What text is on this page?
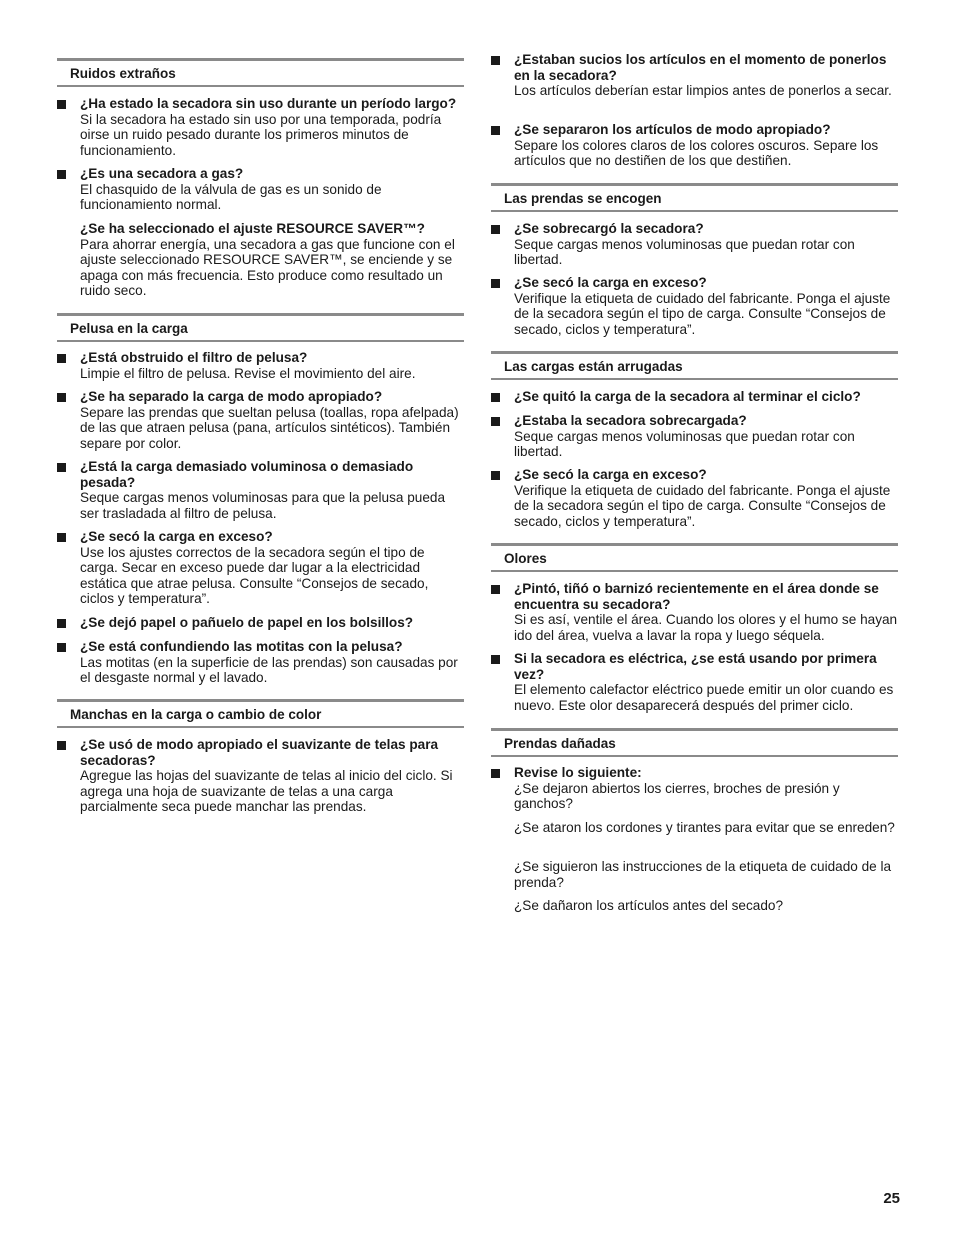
Ruidos extraños
¿Ha estado la secadora sin uso durante un período largo?
Si la secadora ha estado sin uso por una temporada, podría oirse un ruido pesado durante los primeros minutos de funcionamiento.
¿Es una secadora a gas?
El chasquido de la válvula de gas es un sonido de funcionamiento normal.
¿Se ha seleccionado el ajuste RESOURCE SAVER™?
Para ahorrar energía, una secadora a gas que funcione con el ajuste seleccionado RESOURCE SAVER™, se enciende y se apaga con más frecuencia. Esto produce como resultado un ruido seco.
Pelusa en la carga
¿Está obstruido el filtro de pelusa?
Limpie el filtro de pelusa. Revise el movimiento del aire.
¿Se ha separado la carga de modo apropiado?
Separe las prendas que sueltan pelusa (toallas, ropa afelpada) de las que atraen pelusa (pana, artículos sintéticos). También separe por color.
¿Está la carga demasiado voluminosa o demasiado pesada?
Seque cargas menos voluminosas para que la pelusa pueda ser trasladada al filtro de pelusa.
¿Se secó la carga en exceso?
Use los ajustes correctos de la secadora según el tipo de carga. Secar en exceso puede dar lugar a la electricidad estática que atrae pelusa. Consulte “Consejos de secado, ciclos y temperatura”.
¿Se dejó papel o pañuelo de papel en los bolsillos?
¿Se está confundiendo las motitas con la pelusa?
Las motitas (en la superficie de las prendas) son causadas por el desgaste normal y el lavado.
Manchas en la carga o cambio de color
¿Se usó de modo apropiado el suavizante de telas para secadoras?
Agregue las hojas del suavizante de telas al inicio del ciclo. Si agrega una hoja de suavizante de telas a una carga parcialmente seca puede manchar las prendas.
¿Estaban sucios los artículos en el momento de ponerlos en la secadora?
Los artículos deberían estar limpios antes de ponerlos a secar.
¿Se separaron los artículos de modo apropiado?
Separe los colores claros de los colores oscuros. Separe los artículos que no destiñen de los que destiñen.
Las prendas se encogen
¿Se sobrecargó la secadora?
Seque cargas menos voluminosas que puedan rotar con libertad.
¿Se secó la carga en exceso?
Verifique la etiqueta de cuidado del fabricante. Ponga el ajuste de la secadora según el tipo de carga. Consulte “Consejos de secado, ciclos y temperatura”.
Las cargas están arrugadas
¿Se quitó la carga de la secadora al terminar el ciclo?
¿Estaba la secadora sobrecargada?
Seque cargas menos voluminosas que puedan rotar con libertad.
¿Se secó la carga en exceso?
Verifique la etiqueta de cuidado del fabricante. Ponga el ajuste de la secadora según el tipo de carga. Consulte “Consejos de secado, ciclos y temperatura”.
Olores
¿Pintó, tiñó o barnizó recientemente en el área donde se encuentra su secadora?
Si es así, ventile el área. Cuando los olores y el humo se hayan ido del área, vuelva a lavar la ropa y luego séquela.
Si la secadora es eléctrica, ¿se está usando por primera vez?
El elemento calefactor eléctrico puede emitir un olor cuando es nuevo. Este olor desaparecerá después del primer ciclo.
Prendas dañadas
Revise lo siguiente:
¿Se dejaron abiertos los cierres, broches de presión y ganchos?
¿Se ataron los cordones y tirantes para evitar que se enreden?
¿Se siguieron las instrucciones de la etiqueta de cuidado de la prenda?
¿Se dañaron los artículos antes del secado?
25
